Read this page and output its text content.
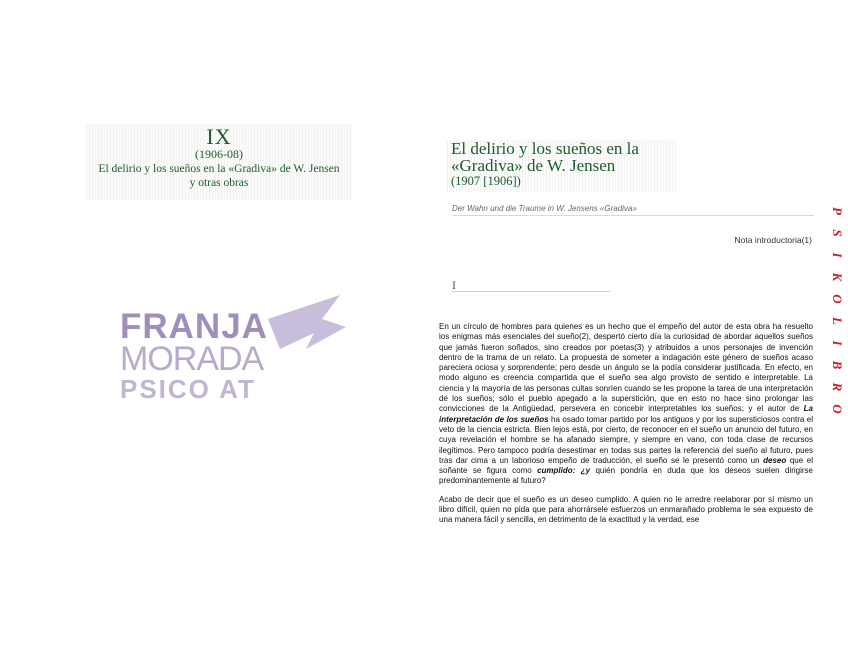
IX
(1906-08)
El delirio y los sueños en la «Gradiva» de W. Jensen
y otras obras
FRANJA
MORADA
PSICO AT
El delirio y los sueños en la
«Gradiva» de W. Jensen
(1907 [1906])
Der Wahn und die Traume in W. Jensens «Gradiva»
Nota introductoria(1)
I

En un círculo de hombres para quienes es un hecho que el empeño del autor de esta obra ha resuelto los enigmas más esenciales del sueño(2), despertó cierto día la curiosidad de abordar aquellos sueños que jamás fueron soñados, sino creados por poetas(3) y atribuidos a unos personajes de invención dentro de la trama de un relato. La propuesta de someter a indagación este género de sueños acaso pareciera ociosa y sorprendente; pero desde un ángulo se la podía considerar justificada. En efecto, en modo alguno es creencia compartida que el sueño sea algo provisto de sentido e interpretable. La ciencia y la mayoría de las personas cultas sonríen cuando se les propone la tarea de una interpretación de los sueños; sólo el pueblo apegado a la superstición, que en esto no hace sino prolongar las convicciones de la Antigüedad, persevera en concebir interpretables los sueños; y el autor de La interpretación de los sueños ha osado tomar partido por los antiguos y por los supersticiosos contra el veto de la ciencia estricta. Bien lejos está, por cierto, de reconocer en el sueño un anuncio del futuro, en cuya revelación el hombre se ha afanado siempre, y siempre en vano, con toda clase de recursos ilegítimos. Pero tampoco podría desestimar en todas sus partes la referencia del sueño al futuro, pues tras dar cima a un laborioso empeño de traducción, el sueño se le presentó como un deseo que el soñante se figura como cumplido: ¿y quién pondría en duda que los deseos suelen dirigirse predominantemente al futuro?

Acabo de decir que el sueño es un deseo cumplido. A quien no le arredre reelaborar por sí mismo un libro difícil, quien no pida que para ahorrársele esfuerzos un enmarañado problema le sea expuesto de una manera fácil y sencilla, en detrimento de la exactitud y la verdad, ese

P
S
I
K
O
L
I
B
R
O
